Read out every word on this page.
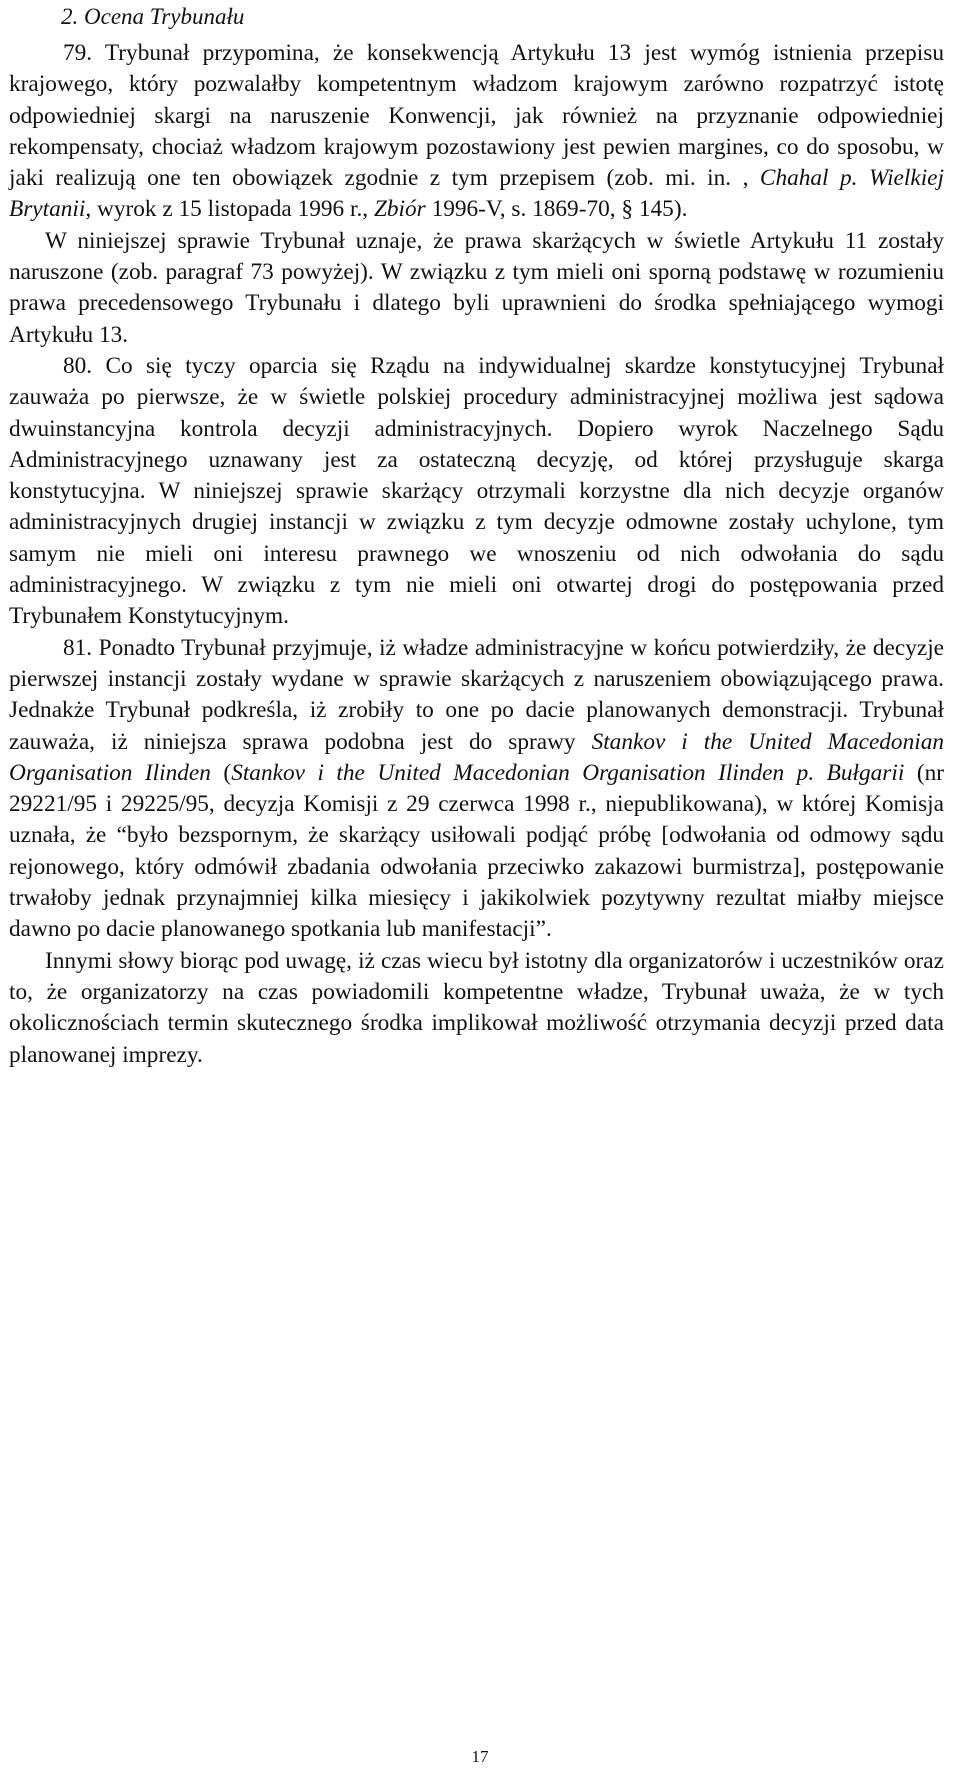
2. Ocena Trybunału

79. Trybunał przypomina, że konsekwencją Artykułu 13 jest wymóg istnienia przepisu krajowego, który pozwalałby kompetentnym władzom krajowym zarówno rozpatrzyć istotę odpowiedniej skargi na naruszenie Konwencji, jak również na przyznanie odpowiedniej rekompensaty, chociaż władzom krajowym pozostawiony jest pewien margines, co do sposobu, w jaki realizują one ten obowiązek zgodnie z tym przepisem (zob. mi. in. , Chahal p. Wielkiej Brytanii, wyrok z 15 listopada 1996 r., Zbiór 1996-V, s. 1869-70, § 145).

W niniejszej sprawie Trybunał uznaje, że prawa skarżących w świetle Artykułu 11 zostały naruszone (zob. paragraf 73 powyżej). W związku z tym mieli oni sporną podstawę w rozumieniu prawa precedensowego Trybunału i dlatego byli uprawnieni do środka spełniającego wymogi Artykułu 13.

80. Co się tyczy oparcia się Rządu na indywidualnej skardze konstytucyjnej Trybunał zauważa po pierwsze, że w świetle polskiej procedury administracyjnej możliwa jest sądowa dwuinstancyjna kontrola decyzji administracyjnych. Dopiero wyrok Naczelnego Sądu Administracyjnego uznawany jest za ostateczną decyzję, od której przysługuje skarga konstytucyjna. W niniejszej sprawie skarżący otrzymali korzystne dla nich decyzje organów administracyjnych drugiej instancji w związku z tym decyzje odmowne zostały uchylone, tym samym nie mieli oni interesu prawnego we wnoszeniu od nich odwołania do sądu administracyjnego. W związku z tym nie mieli oni otwartej drogi do postępowania przed Trybunałem Konstytucyjnym.

81. Ponadto Trybunał przyjmuje, iż władze administracyjne w końcu potwierdziły, że decyzje pierwszej instancji zostały wydane w sprawie skarżących z naruszeniem obowiązującego prawa. Jednakże Trybunał podkreśla, iż zrobiły to one po dacie planowanych demonstracji. Trybunał zauważa, iż niniejsza sprawa podobna jest do sprawy Stankov i the United Macedonian Organisation Ilinden (Stankov i the United Macedonian Organisation Ilinden p. Bułgarii (nr 29221/95 i 29225/95, decyzja Komisji z 29 czerwca 1998 r., niepublikowana), w której Komisja uznała, że “było bezspornym, że skarżący usiłowali podjąć próbę [odwołania od odmowy sądu rejonowego, który odmówił zbadania odwołania przeciwko zakazowi burmistrza], postępowanie trwałoby jednak przynajmniej kilka miesięcy i jakikolwiek pozytywny rezultat miałby miejsce dawno po dacie planowanego spotkania lub manifestacji”.

Innymi słowy biorąc pod uwagę, iż czas wiecu był istotny dla organizatorów i uczestników oraz to, że organizatorzy na czas powiadomili kompetentne władze, Trybunał uważa, że w tych okolicznościach termin skutecznego środka implikował możliwość otrzymania decyzji przed data planowanej imprezy.

17
